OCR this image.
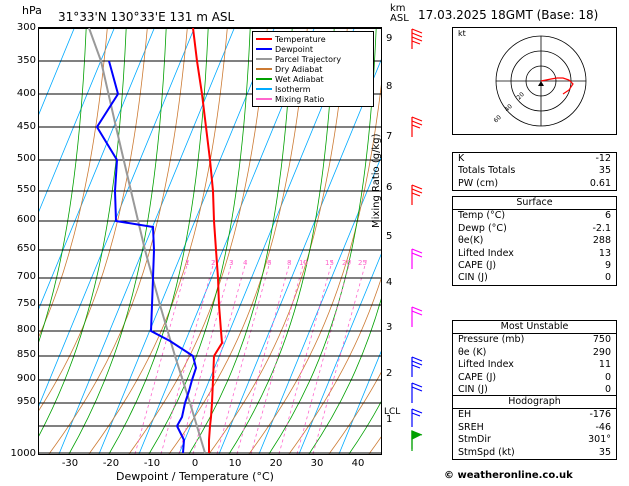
hPa 31°33'N 130°33'E 131 m ASL
km
ASL 17.03.2025 18GMT (Base: 18)
1	2 3 4	6 8 10 15 20 25
Temperature
Dewpoint
Parcel Trajectory
Dry Adiabat
Wet Adiabat
Isotherm
Mixing Ratio
300
350
400
450
500
550
600
650
700
750
800
850
900
950
1000
-30	-20	-10	0	10	20	30	40
Dewpoint / Temperature (°C)
1
2
3
4
5
6
7
8
9
LCL
Mixing Ratio (g/kg)
20
40
60
kt
K	-12
Totals Totals	35
PW (cm)	0.61
Surface
Temp (°C)	6
Dewp (°C)	-2.1
θe(K)	288
Lifted Index	13
CAPE (J)	9
CIN (J)	0
Most Unstable
Pressure (mb)	750
θe (K)	290
Lifted Index	11
CAPE (J)	0
CIN (J)	0
Hodograph
EH	-176
SREH	-46
StmDir	301°
StmSpd (kt)	35
© weatheronline.co.uk
